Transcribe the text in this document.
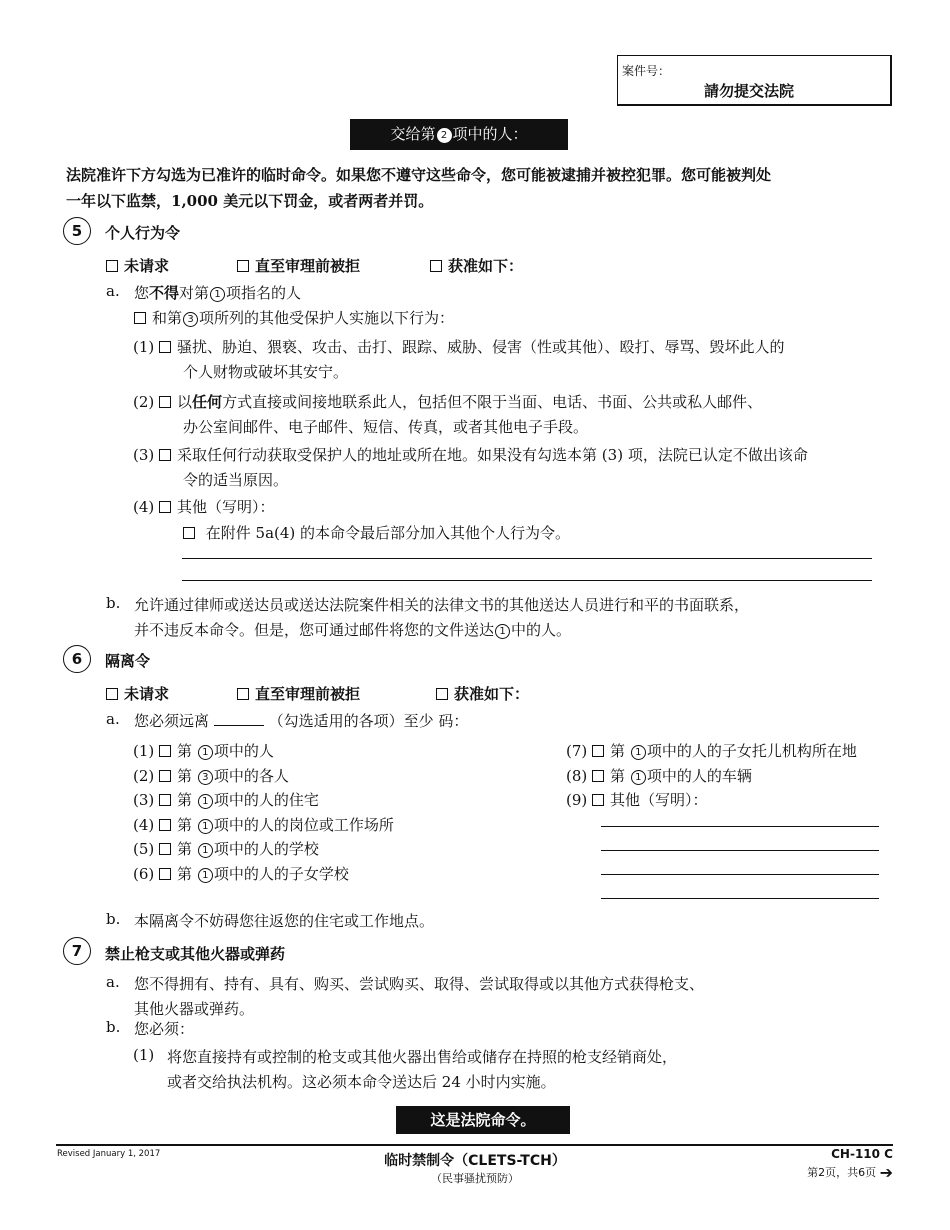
案件号：
請勿提交法院
交给第 2 项中的人：
法院准许下方勾选为已准许的临时命令。如果您不遵守这些命令，您可能被逮捕并被控犯罪。您可能被判处
一年以下监禁，1,000 美元以下罚金，或者两者并罚。
5	个人行为令
未请求	直至审理前被拒	获准如下：
a. 您不得对第 1 项指名的人
和第 3 项所列的其他受保护人实施以下行为：
(1) 骚扰、胁迫、猥亵、攻击、击打、跟踪、威胁、侵害（性或其他）、殴打、辱骂、毁坏此人的
个人财物或破坏其安宁。
(2) 以任何方式直接或间接地联系此人，包括但不限于当面、电话、书面、公共或私人邮件、
办公室间邮件、电子邮件、短信、传真，或者其他电子手段。
(3) 采取任何行动获取受保护人的地址或所在地。如果没有勾选本第 (3) 项，法院已认定不做出该命
令的适当原因。
(4) 其他（写明）：
在附件 5a(4) 的本命令最后部分加入其他个人行为令。
b. 允许通过律师或送达员或送达法院案件相关的法律文书的其他送达人员进行和平的书面联系，
并不违反本命令。但是，您可通过邮件将您的文件送达 1 中的人。
6	隔离令
未请求	直至审理前被拒	获准如下：
a. 您必须远离	（勾选适用的各项）至少 码：
(1) 第 1 项中的人
(2) 第 3 项中的各人
(3) 第 1 项中的人的住宅
(4) 第 1 项中的人的岗位或工作场所
(5) 第 1 项中的人的学校
(6) 第 1 项中的人的子女学校
(7) 第 1 项中的人的子女托儿机构所在地
(8) 第 1 项中的人的车辆
(9) 其他（写明）：
b. 本隔离令不妨碍您往返您的住宅或工作地点。
7	禁止枪支或其他火器或弹药
a. 您不得拥有、持有、具有、购买、尝试购买、取得、尝试取得或以其他方式获得枪支、
其他火器或弹药。
b. 您必须：
(1) 将您直接持有或控制的枪支或其他火器出售给或储存在持照的枪支经销商处，
或者交给执法机构。这必须本命令送达后 24 小时内实施。
这是法院命令。
Revised January 1, 2017	临时禁制令（CLETS-TCH）
（民事骚扰预防）
CH-110 C
第2页，共6页 ➔
